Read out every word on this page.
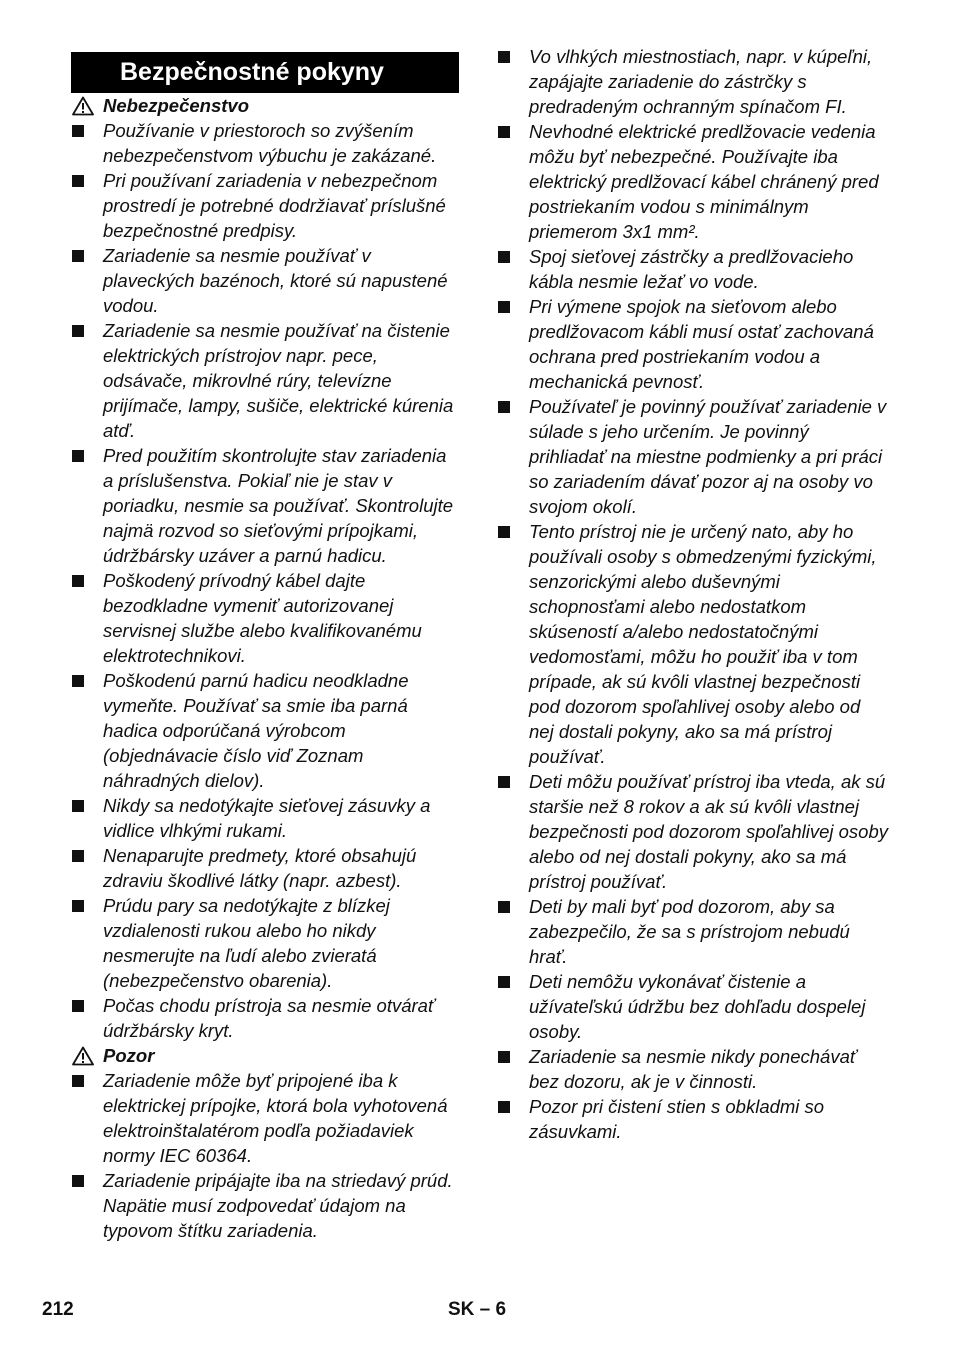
Bezpečnostné pokyny
Nebezpečenstvo
Používanie v priestoroch so zvýšením nebezpečenstvom výbuchu je zakázané.
Pri používaní zariadenia v nebezpečnom prostredí je potrebné dodržiavať príslušné bezpečnostné predpisy.
Zariadenie sa nesmie používať v plaveckých bazénoch, ktoré sú napustené vodou.
Zariadenie sa nesmie používať na čistenie elektrických prístrojov napr. pece, odsávače, mikrovlné rúry, televízne prijímače, lampy, sušiče, elektrické kúrenia atď.
Pred použitím skontrolujte stav zariadenia a príslušenstva. Pokiaľ nie je stav v poriadku, nesmie sa používať. Skontrolujte najmä rozvod so sieťovými prípojkami, údržbársky uzáver a parnú hadicu.
Poškodený prívodný kábel dajte bezodkladne vymeniť autorizovanej servisnej službe alebo kvalifikovanému elektrotechnikovi.
Poškodenú parnú hadicu neodkladne vymeňte. Používať sa smie iba parná hadica odporúčaná výrobcom (objednávacie číslo viď Zoznam náhradných dielov).
Nikdy sa nedotýkajte sieťovej zásuvky a vidlice vlhkými rukami.
Nenaparujte predmety, ktoré obsahujú zdraviu škodlivé látky (napr. azbest).
Prúdu pary sa nedotýkajte z blízkej vzdialenosti rukou alebo ho nikdy nesmerujte na ľudí alebo zvieratá (nebezpečenstvo obarenia).
Počas chodu prístroja sa nesmie otvárať údržbársky kryt.
Pozor
Zariadenie môže byť pripojené iba k elektrickej prípojke, ktorá bola vyhotovená elektroinštalatérom podľa požiadaviek normy IEC 60364.
Zariadenie pripájajte iba na striedavý prúd. Napätie musí zodpovedať údajom na typovom štítku zariadenia.
Vo vlhkých miestnostiach, napr. v kúpeľni, zapájajte zariadenie do zástrčky s predradeným ochranným spínačom FI.
Nevhodné elektrické predlžovacie vedenia môžu byť nebezpečné. Používajte iba elektrický predlžovací kábel chránený pred postriekaním vodou s minimálnym priemerom 3x1 mm².
Spoj sieťovej zástrčky a predlžovacieho kábla nesmie ležať vo vode.
Pri výmene spojok na sieťovom alebo predlžovacom kábli musí ostať zachovaná ochrana pred postriekaním vodou a mechanická pevnosť.
Používateľ je povinný používať zariadenie v súlade s jeho určením. Je povinný prihliadať na miestne podmienky a pri práci so zariadením dávať pozor aj na osoby vo svojom okolí.
Tento prístroj nie je určený nato, aby ho používali osoby s obmedzenými fyzickými, senzorickými alebo duševnými schopnosťami alebo nedostatkom skúseností a/alebo nedostatočnými vedomosťami, môžu ho použiť iba v tom prípade, ak sú kvôli vlastnej bezpečnosti pod dozorom spoľahlivej osoby alebo od nej dostali pokyny, ako sa má prístroj používať.
Deti môžu používať prístroj iba vteda, ak sú staršie než 8 rokov a ak sú kvôli vlastnej bezpečnosti pod dozorom spoľahlivej osoby alebo od nej dostali pokyny, ako sa má prístroj používať.
Deti by mali byť pod dozorom, aby sa zabezpečilo, že sa s prístrojom nebudú hrať.
Deti nemôžu vykonávať čistenie a užívateľskú údržbu bez dohľadu dospelej osoby.
Zariadenie sa nesmie nikdy ponechávať bez dozoru, ak je v činnosti.
Pozor pri čistení stien s obkladmi so zásuvkami.
212	SK – 6
